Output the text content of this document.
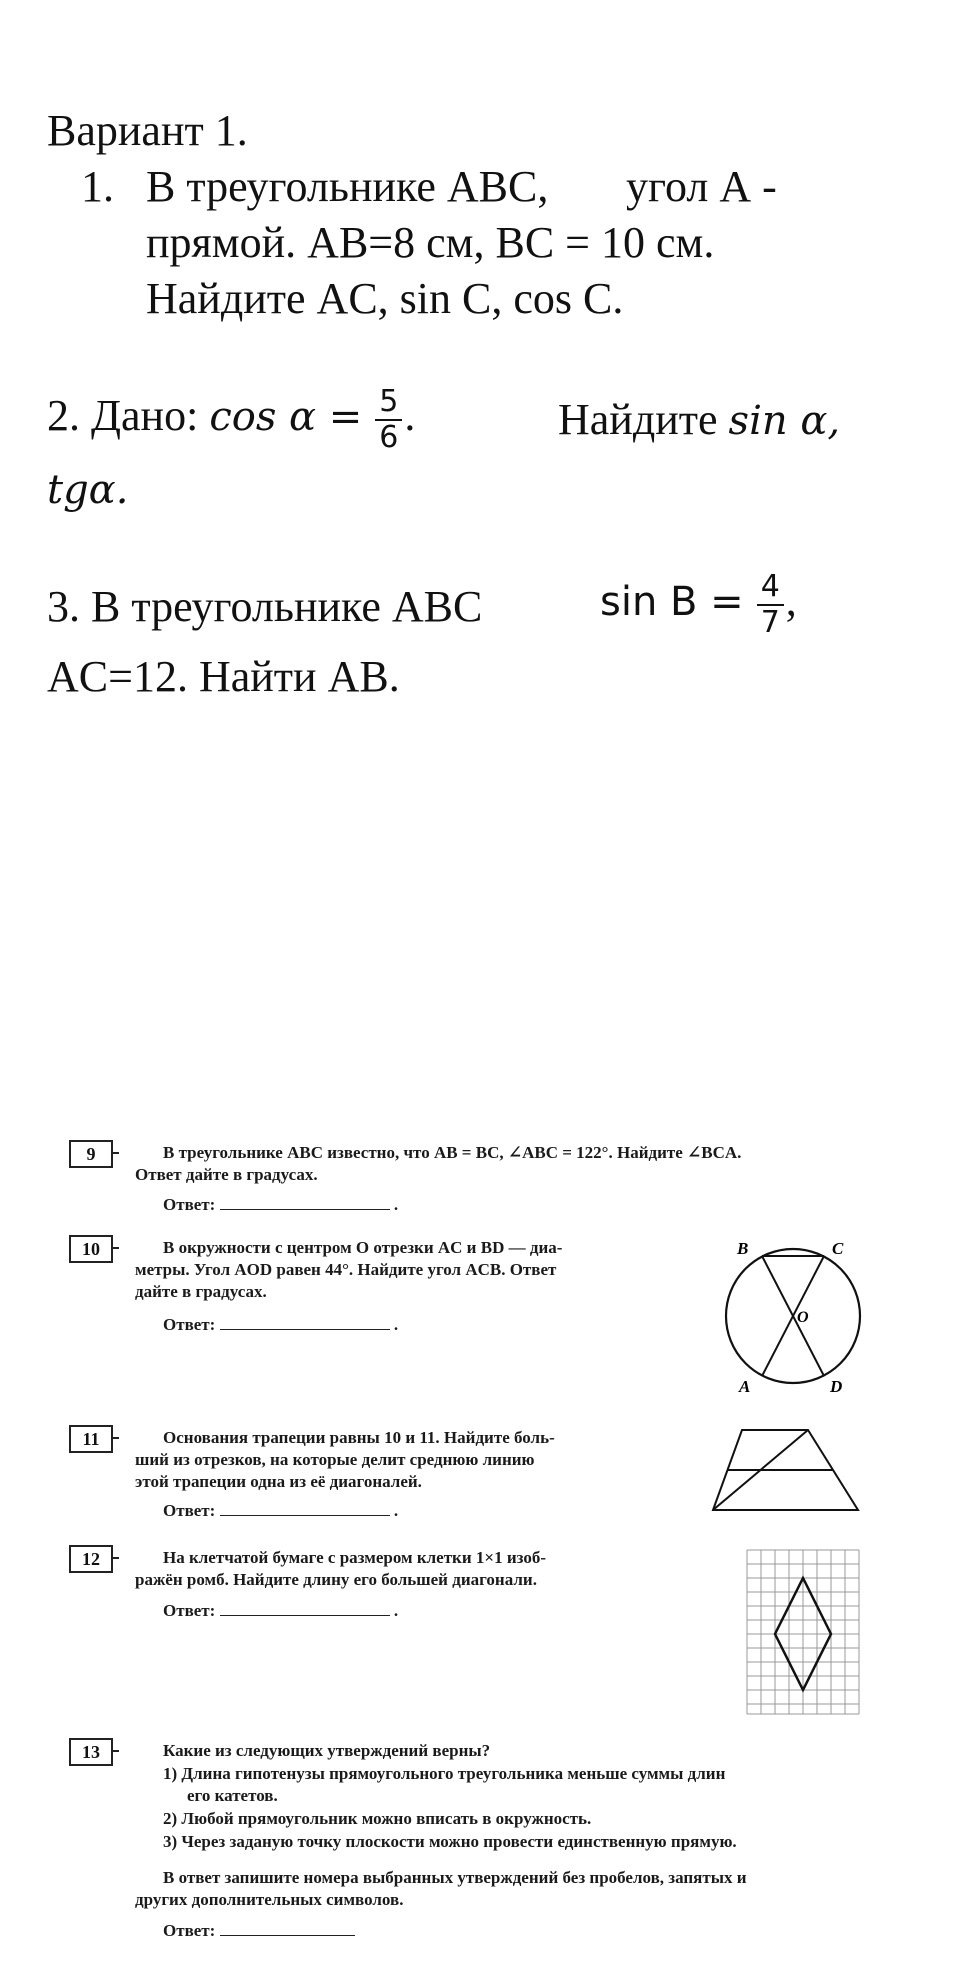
Вариант 1.
1. В треугольнике ABC, угол А -
прямой. AB=8 см, BC = 10 см.
Найдите AC, sin C, cos C.
2. Дано: $\cos \alpha = \frac{5}{6}$ .	Найдите sin α,
tgα.
3. В треугольнике ABC	$\sin B = \frac{4}{7}$ ,
AC=12. Найти AB.
9	В треугольнике ABC известно, что AB = BC, ∠ABC = 122°. Найдите ∠BCA.
Ответ дайте в градусах.
Ответ:	.
10	В окружности с центром O отрезки AC и BD — диа-
метры. Угол AOD равен 44°. Найдите угол ACB. Ответ
дайте в градусах.
Ответ:	.
B	C
O
A	D
11	Основания трапеции равны 10 и 11. Найдите боль-
ший из отрезков, на которые делит среднюю линию
этой трапеции одна из её диагоналей.
Ответ:	.
12	На клетчатой бумаге с размером клетки 1×1 изоб-
ражён ромб. Найдите длину его большей диагонали.
Ответ:	.
13	Какие из следующих утверждений верны?
1) Длина гипотенузы прямоугольного треугольника меньше суммы длин
его катетов.
2) Любой прямоугольник можно вписать в окружность.
3) Через заданую точку плоскости можно провести единственную прямую.
В ответ запишите номера выбранных утверждений без пробелов, запятых и
других дополнительных символов.
Ответ:
